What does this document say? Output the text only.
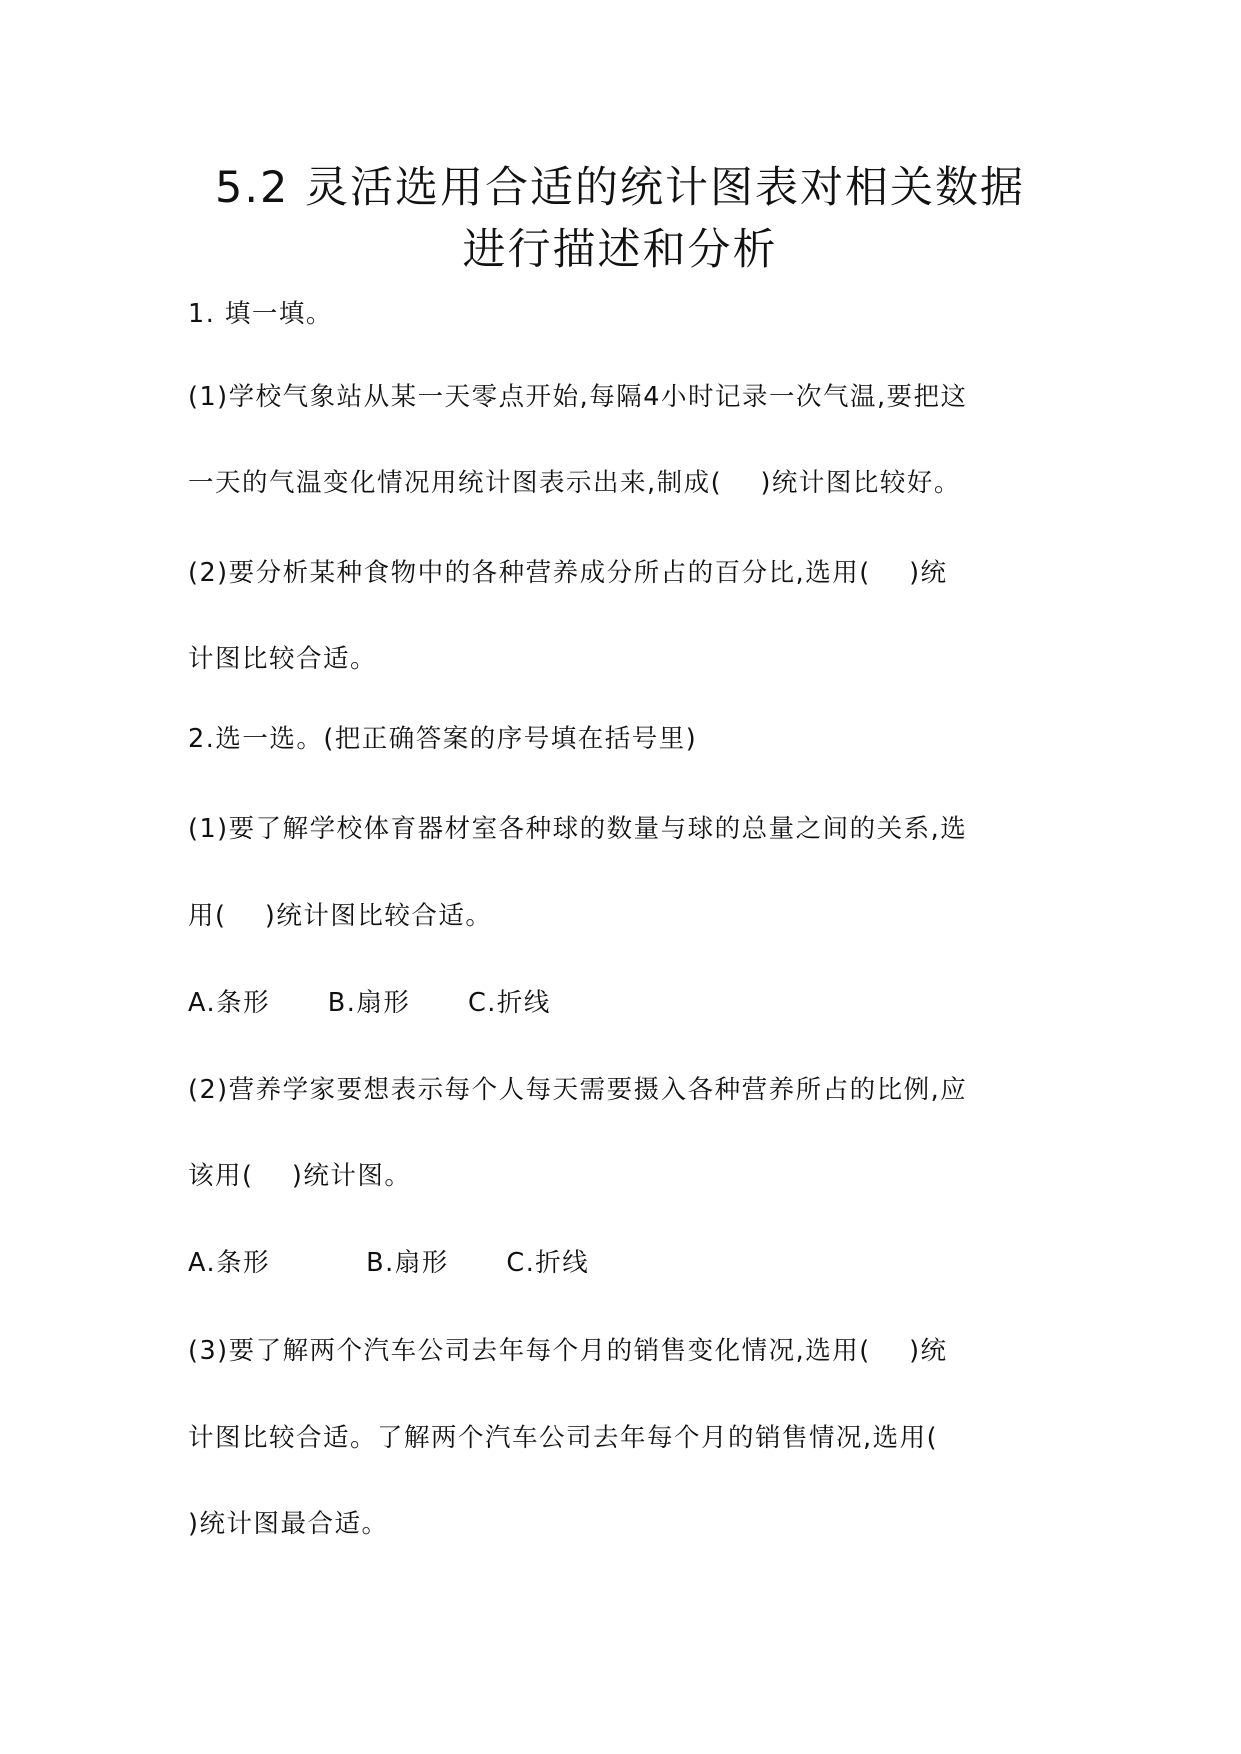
5.2 灵活选用合适的统计图表对相关数据
进行描述和分析
1. 填一填。
(1)学校气象站从某一天零点开始,每隔4小时记录一次气温,要把这
一天的气温变化情况用统计图表示出来,制成(    )统计图比较好。
(2)要分析某种食物中的各种营养成分所占的百分比,选用(    )统
计图比较合适。
2.选一选。(把正确答案的序号填在括号里)
(1)要了解学校体育器材室各种球的数量与球的总量之间的关系,选
用(    )统计图比较合适。
A.条形      B.扇形      C.折线
(2)营养学家要想表示每个人每天需要摄入各种营养所占的比例,应
该用(    )统计图。
A.条形          B.扇形      C.折线
(3)要了解两个汽车公司去年每个月的销售变化情况,选用(    )统
计图比较合适。了解两个汽车公司去年每个月的销售情况,选用(
)统计图最合适。
